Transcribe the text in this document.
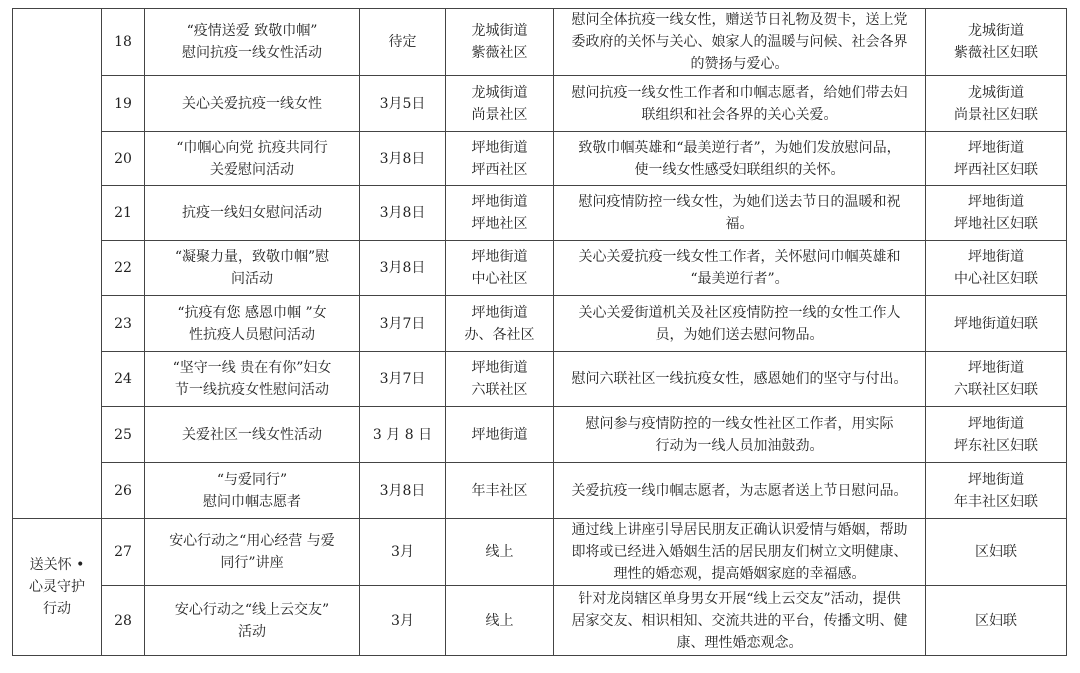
	18	“疫情送爱 致敬巾帼”
慰问抗疫一线女性活动	待定	龙城街道
紫薇社区	慰问全体抗疫一线女性，赠送节日礼物及贺卡，送上党
委政府的关怀与关心、娘家人的温暖与问候、社会各界
的赞扬与爱心。	龙城街道
紫薇社区妇联

	19	关心关爱抗疫一线女性	3月5日	龙城街道
尚景社区	慰问抗疫一线女性工作者和巾帼志愿者，给她们带去妇
联组织和社会各界的关心关爱。	龙城街道
尚景社区妇联

	20	“巾帼心向党 抗疫共同行
关爱慰问活动	3月8日	坪地街道
坪西社区	致敬巾帼英雄和“最美逆行者”，为她们发放慰问品，
使一线女性感受妇联组织的关怀。	坪地街道
坪西社区妇联

	21	抗疫一线妇女慰问活动	3月8日	坪地街道
坪地社区	慰问疫情防控一线女性，为她们送去节日的温暖和祝
福。	坪地街道
坪地社区妇联

	22	“凝聚力量，致敬巾帼”慰
问活动	3月8日	坪地街道
中心社区	关心关爱抗疫一线女性工作者，关怀慰问巾帼英雄和
“最美逆行者”。	坪地街道
中心社区妇联

	23	“抗疫有您 感恩巾帼 ”女
性抗疫人员慰问活动	3月7日	坪地街道
办、各社区	关心关爱街道机关及社区疫情防控一线的女性工作人
员，为她们送去慰问物品。	坪地街道妇联

	24	“坚守一线 贵在有你”妇女
节一线抗疫女性慰问活动	3月7日	坪地街道
六联社区	慰问六联社区一线抗疫女性，感恩她们的坚守与付出。	坪地街道
六联社区妇联

	25	关爱社区一线女性活动	3 月 8 日	坪地街道	慰问参与疫情防控的一线女性社区工作者，用实际
行动为一线人员加油鼓劲。	坪地街道
坪东社区妇联

	26	“与爱同行”
慰问巾帼志愿者	3月8日	年丰社区	关爱抗疫一线巾帼志愿者，为志愿者送上节日慰问品。	坪地街道
年丰社区妇联

送关怀 •
心灵守护
行动	27	安心行动之“用心经营 与爱
同行”讲座	3月	线上	通过线上讲座引导居民朋友正确认识爱情与婚姻，帮助
即将或已经进入婚姻生活的居民朋友们树立文明健康、
理性的婚恋观，提高婚姻家庭的幸福感。	区妇联

	28	安心行动之“线上云交友”
活动	3月	线上	针对龙岗辖区单身男女开展“线上云交友”活动，提供
居家交友、相识相知、交流共进的平台，传播文明、健
康、理性婚恋观念。	区妇联
